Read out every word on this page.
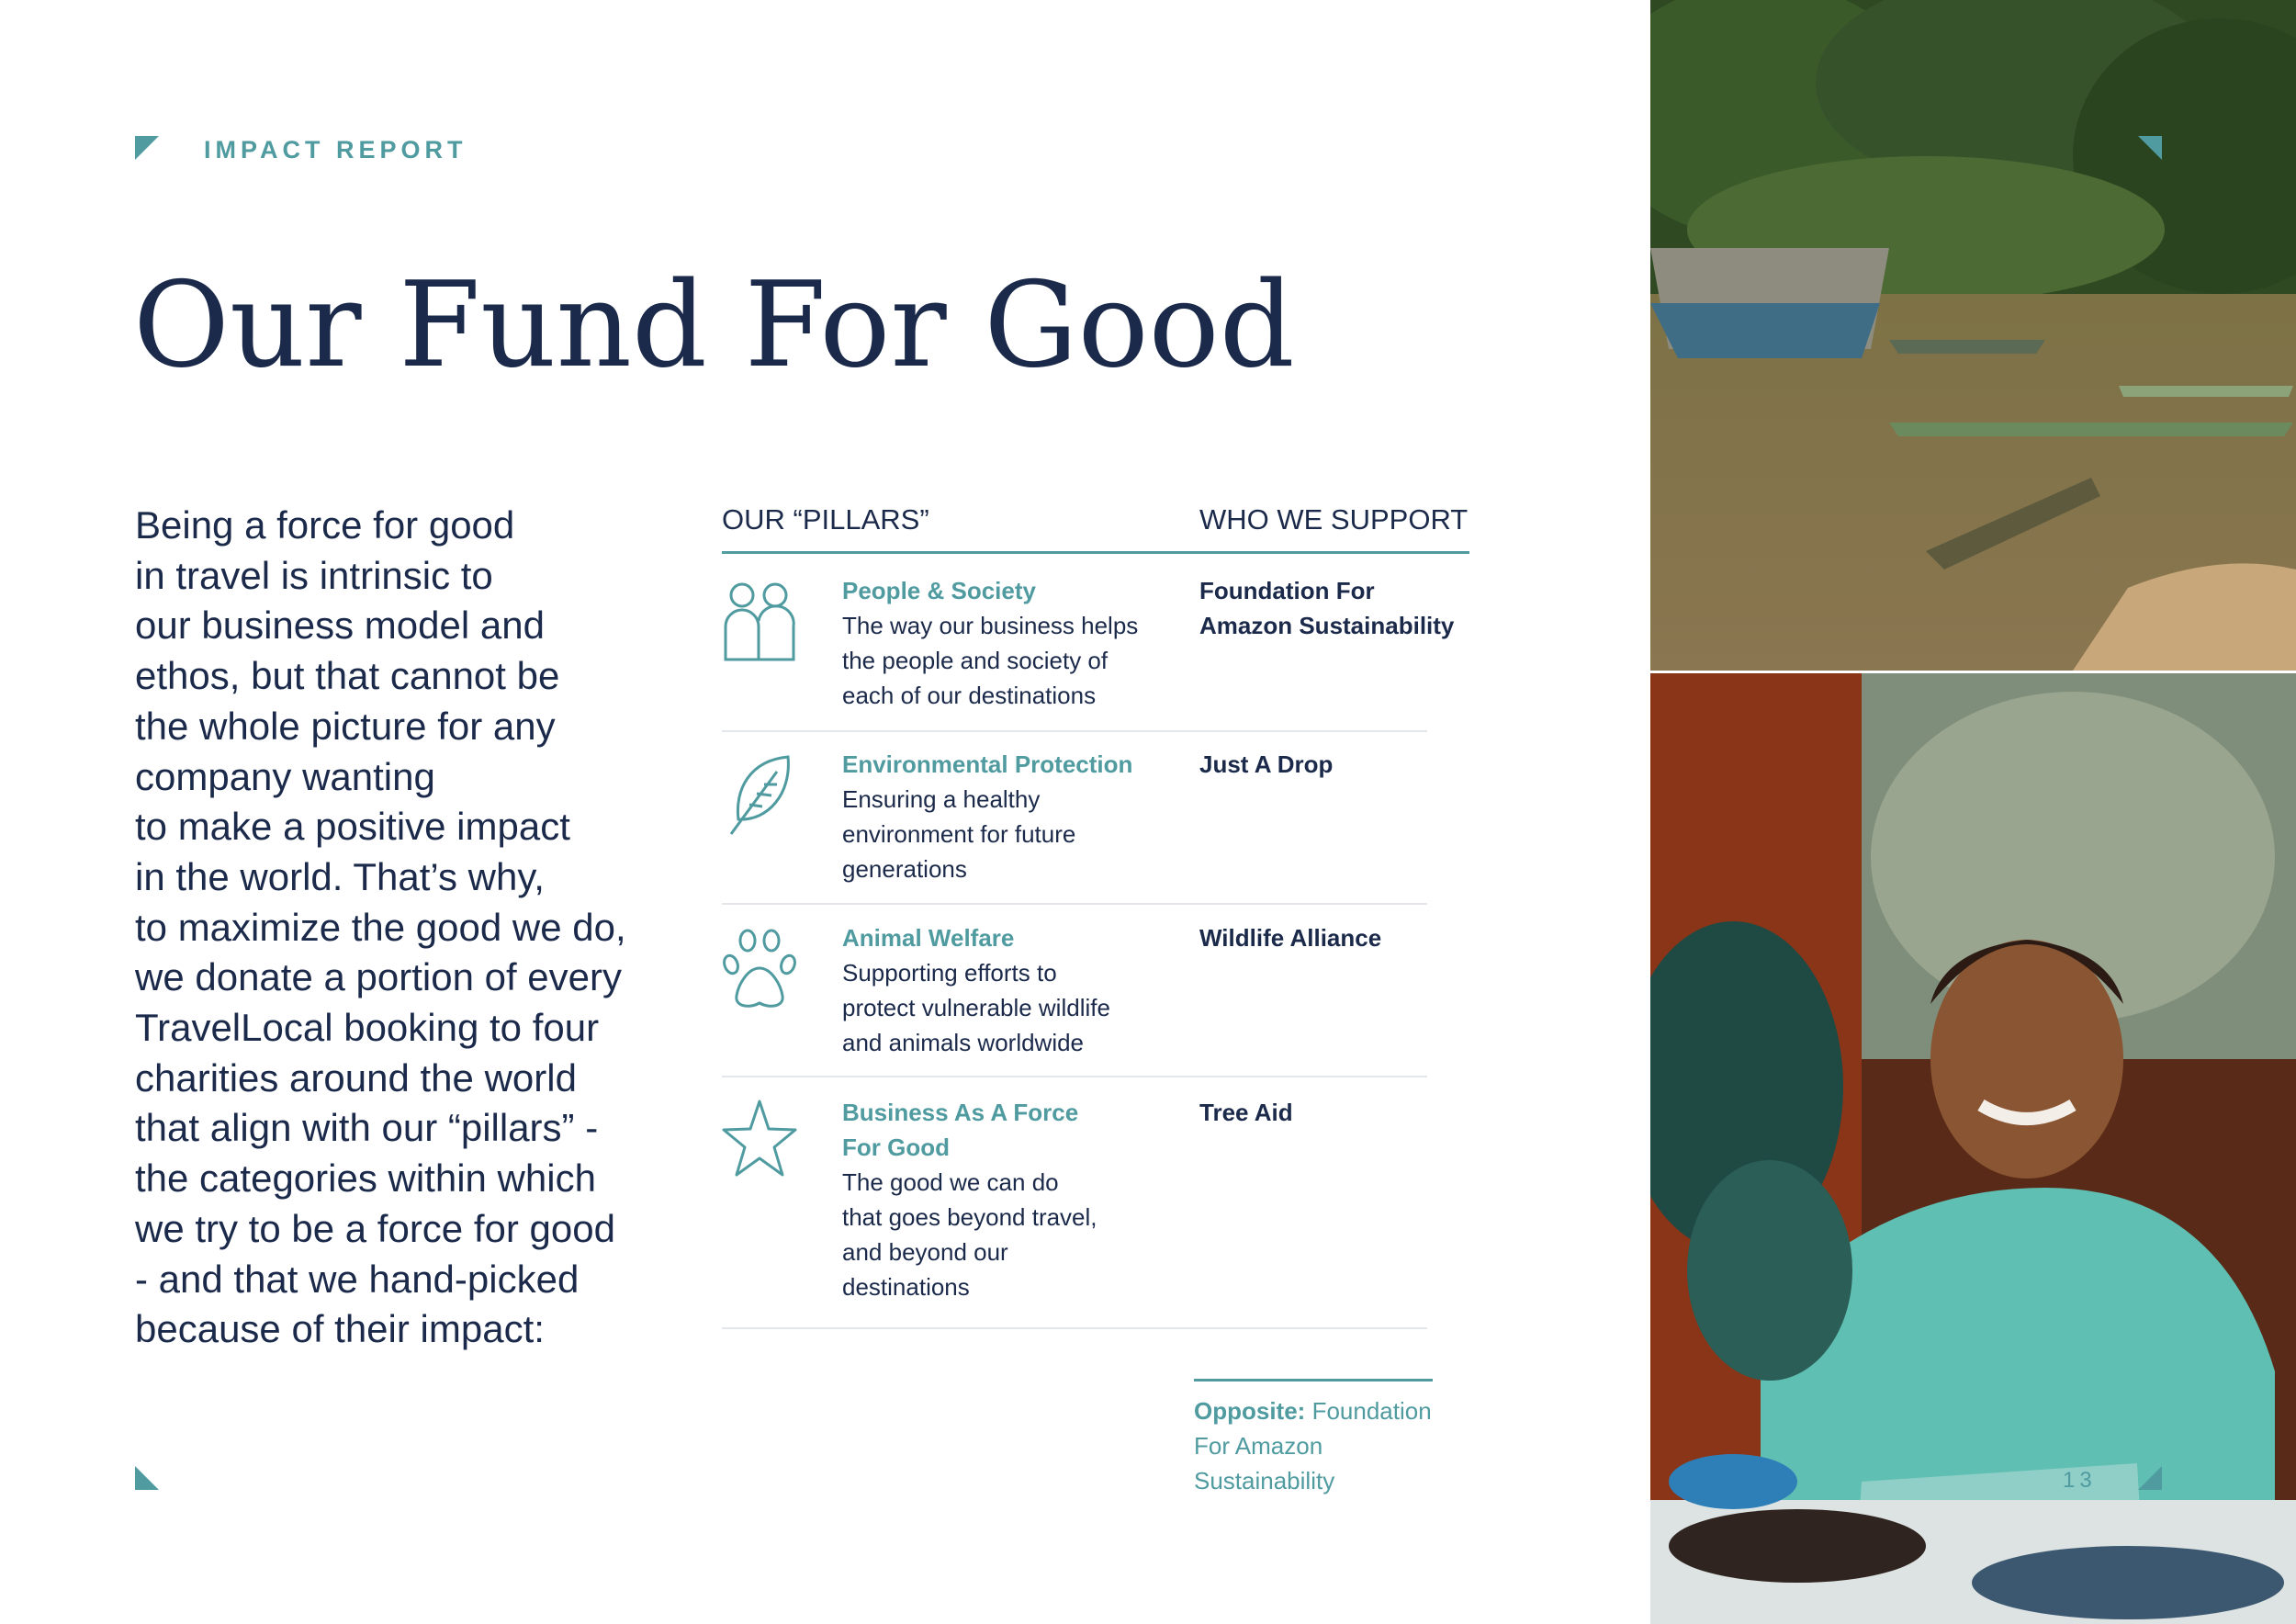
IMPACT REPORT
Our Fund For Good
Being a force for good
in travel is intrinsic to
our business model and
ethos, but that cannot be
the whole picture for any
company wanting
to make a positive impact
in the world. That’s why,
to maximize the good we do,
we donate a portion of every
TravelLocal booking to four
charities around the world
that align with our “pillars” -
the categories within which
we try to be a force for good
- and that we hand-picked
because of their impact:
OUR “PILLARS”	WHO WE SUPPORT
People & Society
The way our business helps
the people and society of
each of our destinations
Foundation For
Amazon Sustainability
Environmental Protection
Ensuring a healthy
environment for future
generations
Just A Drop
Animal Welfare
Supporting efforts to
protect vulnerable wildlife
and animals worldwide
Wildlife Alliance
Business As A Force
For Good
The good we can do
that goes beyond travel,
and beyond our
destinations
Tree Aid
Opposite: Foundation
For Amazon
Sustainability	13
